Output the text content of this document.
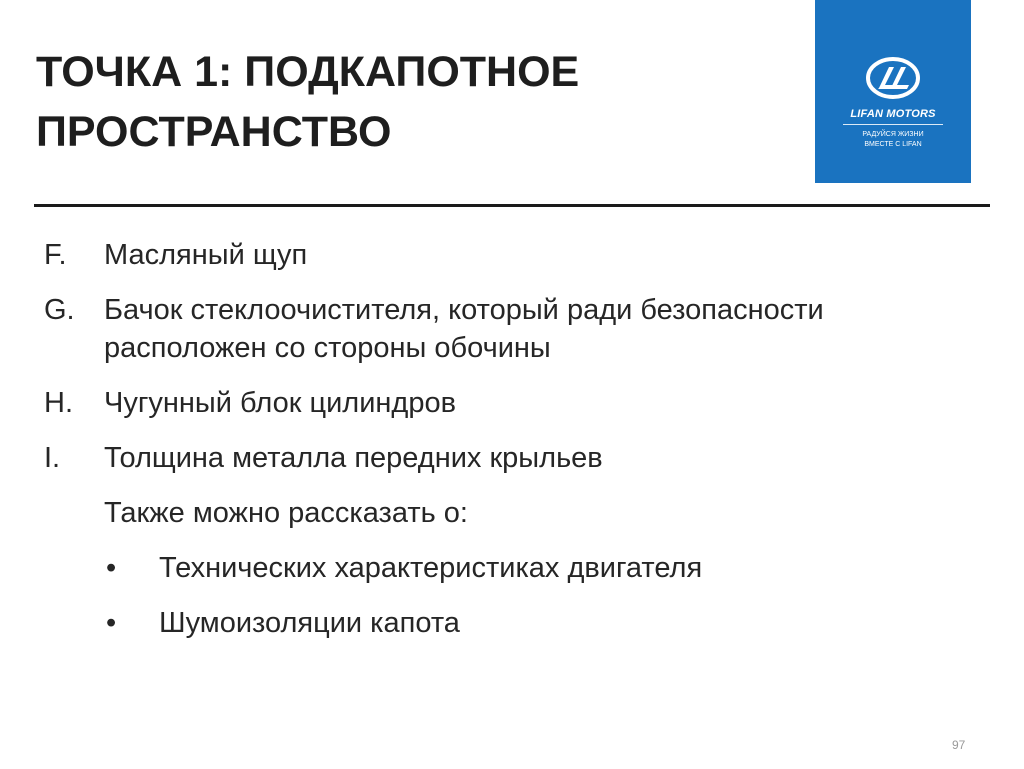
ТОЧКА 1: ПОДКАПОТНОЕ
ПРОСТРАНСТВО	LIFAN MOTORS
РАДУЙСЯ ЖИЗНИ
ВМЕСТЕ С LIFAN
F. Масляный щуп
G. Бачок стеклоочистителя, который ради безопасности расположен со стороны обочины
H. Чугунный блок цилиндров
I. Толщина металла передних крыльев
Также можно рассказать о:
• Технических характеристиках двигателя
• Шумоизоляции капота
97
